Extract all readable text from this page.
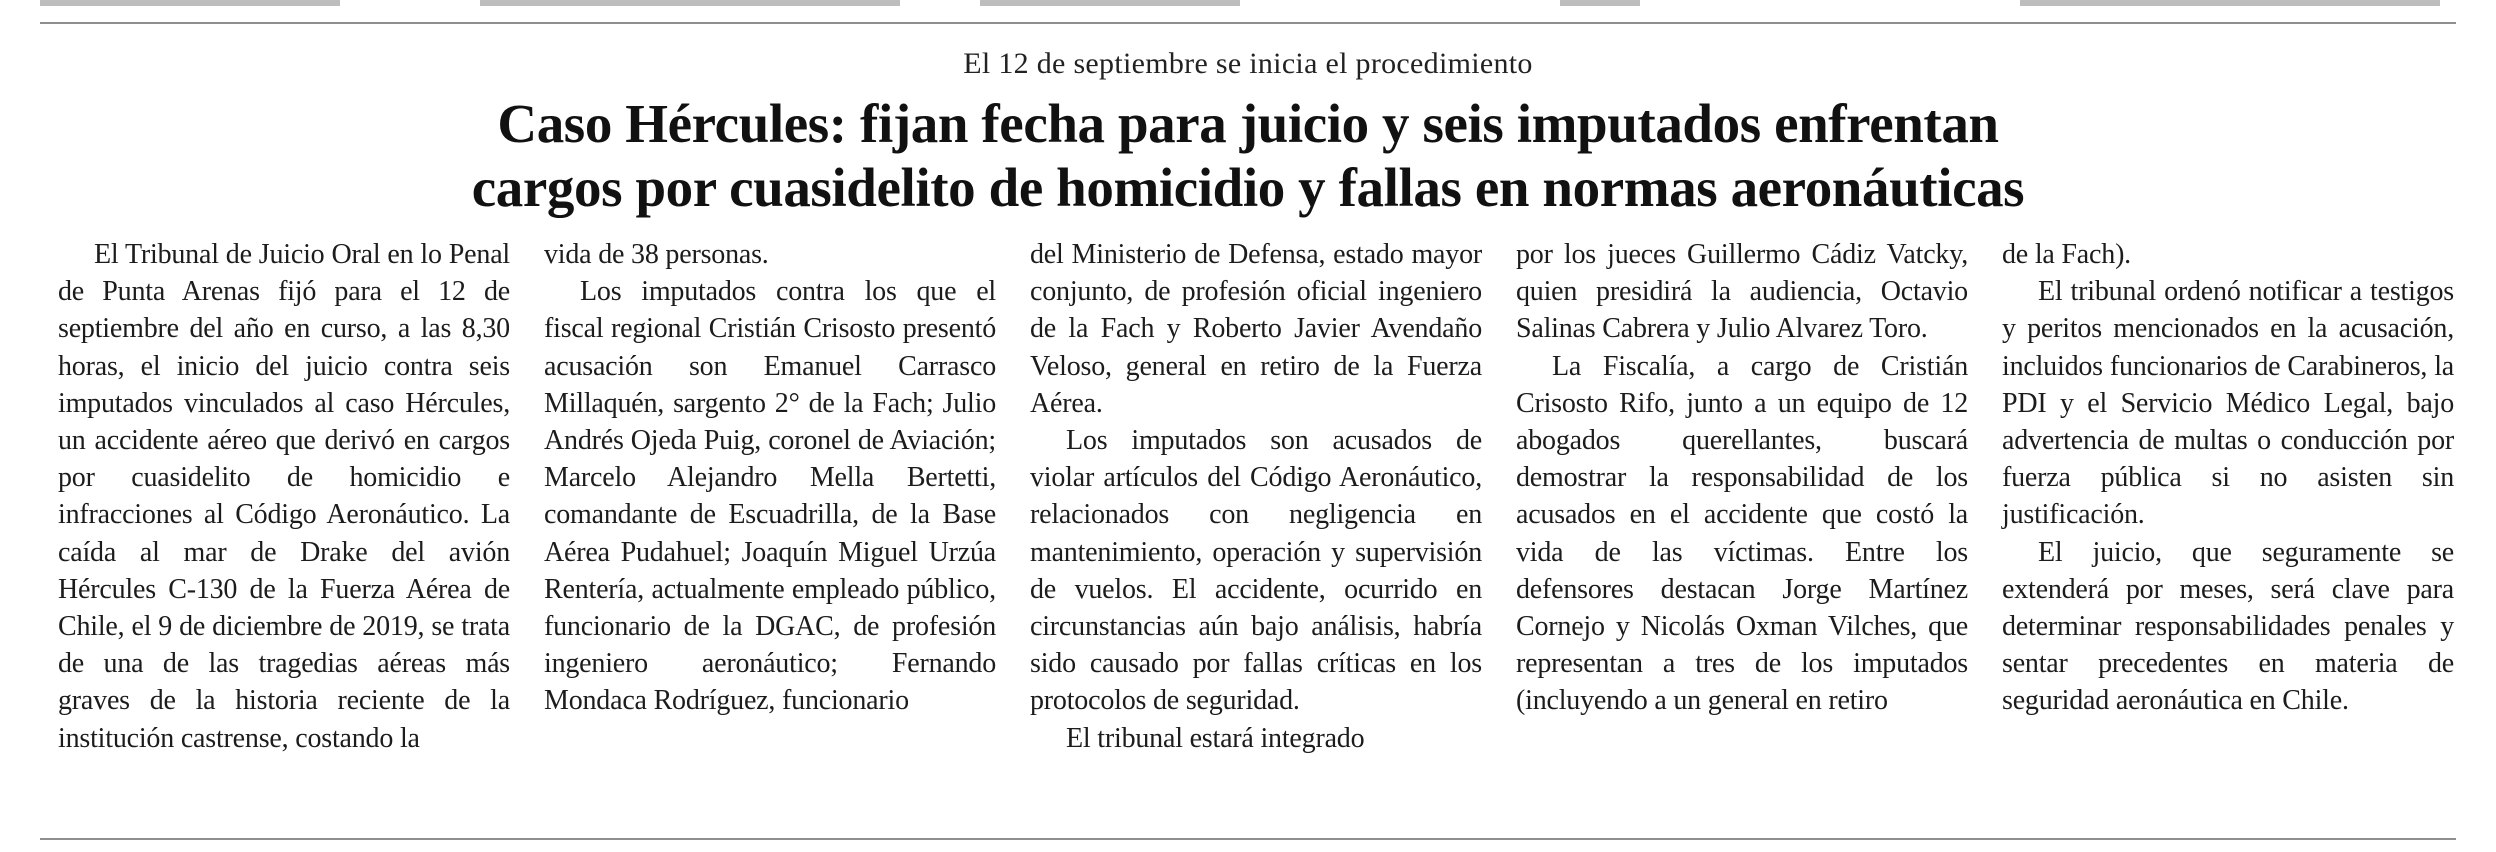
El 12 de septiembre se inicia el procedimiento
Caso Hércules: fijan fecha para juicio y seis imputados enfrentan
cargos por cuasidelito de homicidio y fallas en normas aeronáuticas

El Tribunal de Juicio Oral en lo Penal de Punta Arenas fijó para el 12 de septiembre del año en curso, a las 8,30 horas, el inicio del juicio contra seis imputados vinculados al caso Hércules, un accidente aéreo que derivó en cargos por cuasidelito de homicidio e infracciones al Código Aeronáutico. La caída al mar de Drake del avión Hércules C-130 de la Fuerza Aérea de Chile, el 9 de diciembre de 2019, se trata de una de las tragedias aéreas más graves de la historia reciente de la institución castrense, costando la

vida de 38 personas.

Los imputados contra los que el fiscal regional Cristián Crisosto presentó acusación son Emanuel Carrasco Millaquén, sargento 2° de la Fach; Julio Andrés Ojeda Puig, coronel de Aviación; Marcelo Alejandro Mella Bertetti, comandante de Escuadrilla, de la Base Aérea Pudahuel; Joaquín Miguel Urzúa Rentería, actualmente empleado público, funcionario de la DGAC, de profesión ingeniero aeronáutico; Fernando Mondaca Rodríguez, funcionario

del Ministerio de Defensa, estado mayor conjunto, de profesión oficial ingeniero de la Fach y Roberto Javier Avendaño Veloso, general en retiro de la Fuerza Aérea.

Los imputados son acusados de violar artículos del Código Aeronáutico, relacionados con negligencia en mantenimiento, operación y supervisión de vuelos. El accidente, ocurrido en circunstancias aún bajo análisis, habría sido causado por fallas críticas en los protocolos de seguridad.

El tribunal estará integrado

por los jueces Guillermo Cádiz Vatcky, quien presidirá la audiencia, Octavio Salinas Cabrera y Julio Alvarez Toro.

La Fiscalía, a cargo de Cristián Crisosto Rifo, junto a un equipo de 12 abogados querellantes, buscará demostrar la responsabilidad de los acusados en el accidente que costó la vida de las víctimas. Entre los defensores destacan Jorge Martínez Cornejo y Nicolás Oxman Vilches, que representan a tres de los imputados (incluyendo a un general en retiro

de la Fach).

El tribunal ordenó notificar a testigos y peritos mencionados en la acusación, incluidos funcionarios de Carabineros, la PDI y el Servicio Médico Legal, bajo advertencia de multas o conducción por fuerza pública si no asisten sin justificación.

El juicio, que seguramente se extenderá por meses, será clave para determinar responsabilidades penales y sentar precedentes en materia de seguridad aeronáutica en Chile.
